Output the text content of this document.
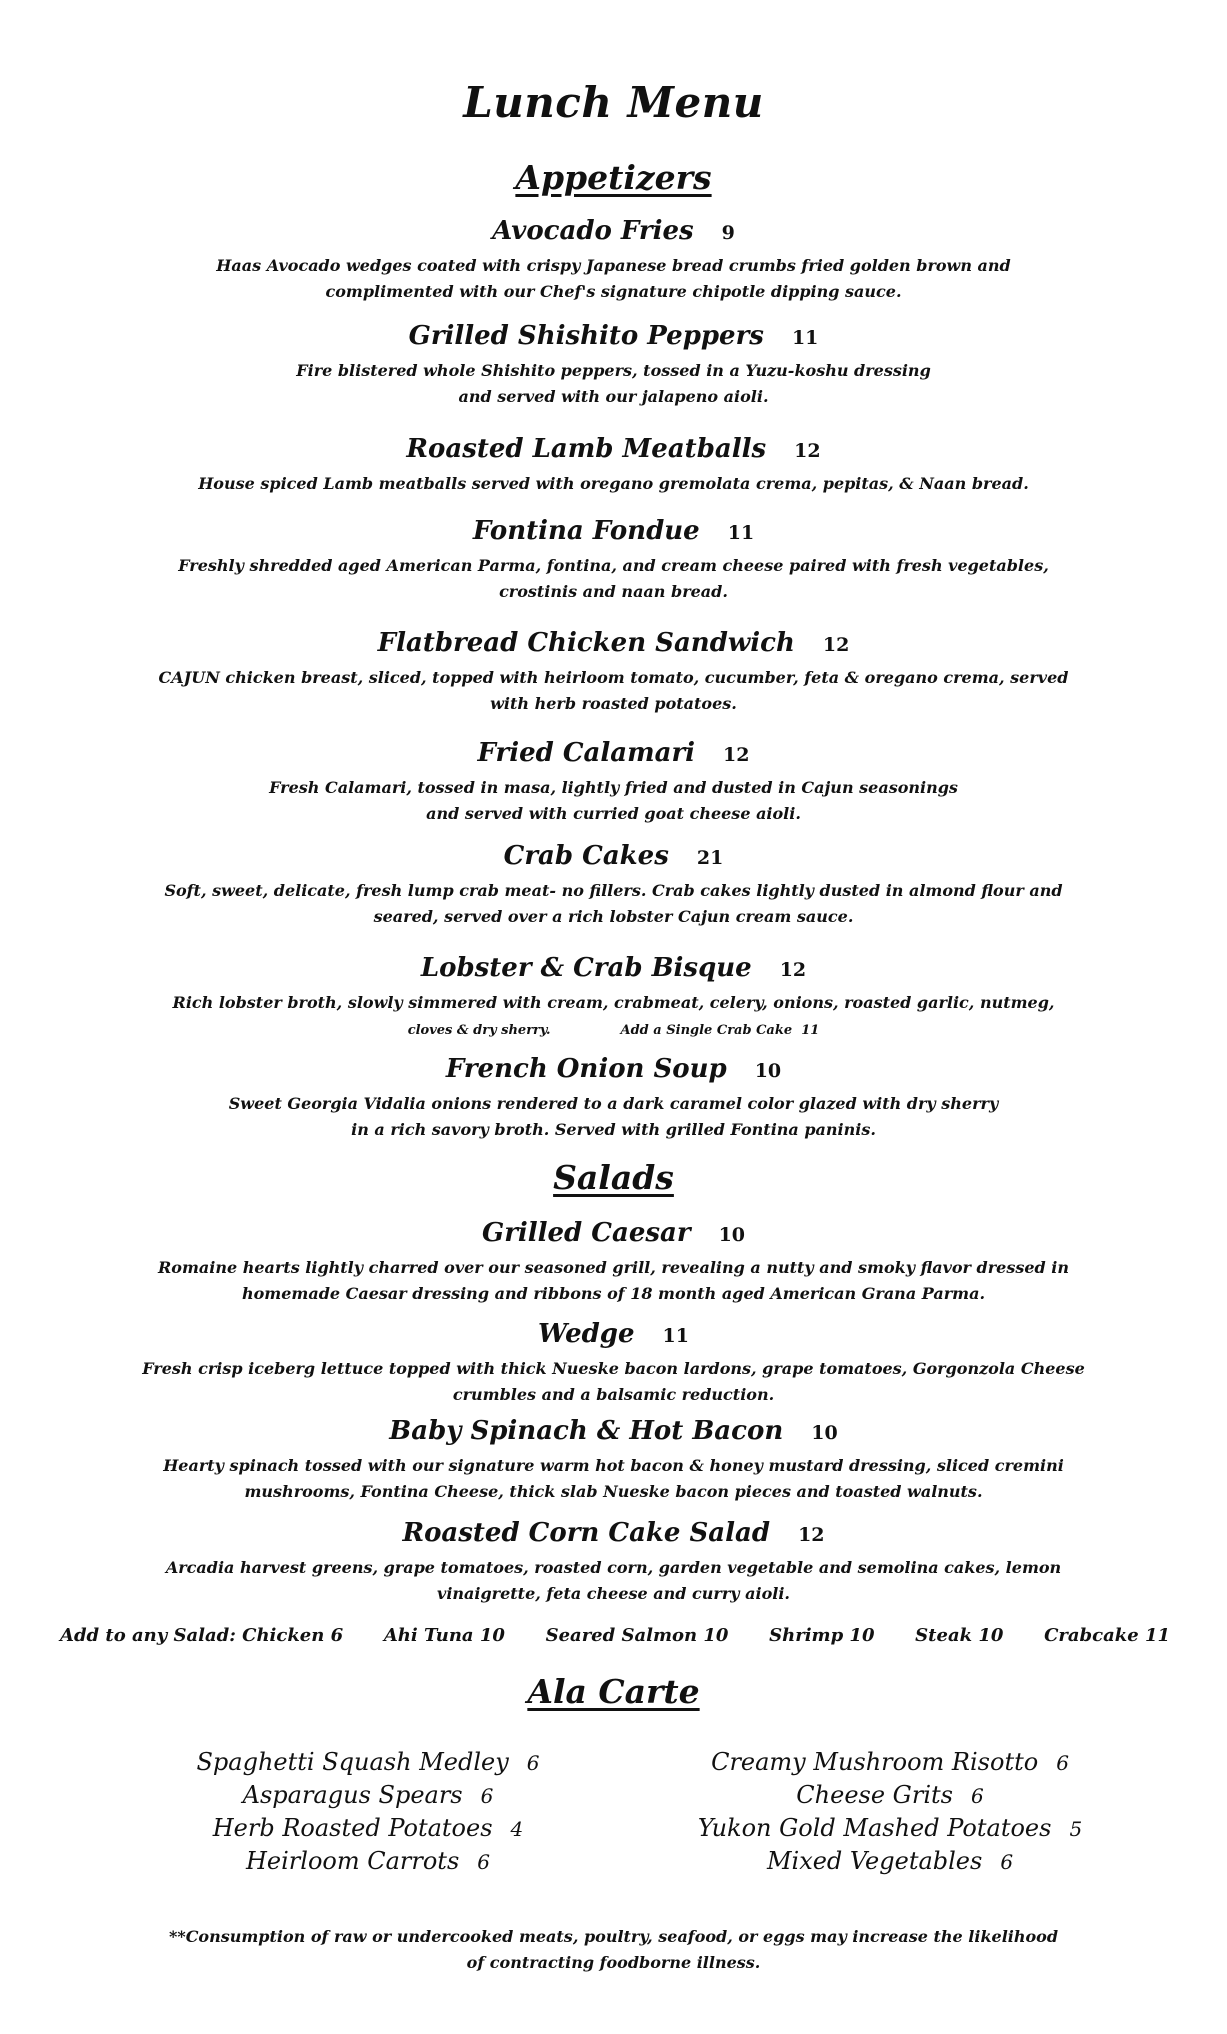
Lunch Menu
Appetizers
Avocado Fries 9
Haas Avocado wedges coated with crispy Japanese bread crumbs fried golden brown and
complimented with our Chef's signature chipotle dipping sauce.
Grilled Shishito Peppers 11
Fire blistered whole Shishito peppers, tossed in a Yuzu-koshu dressing
and served with our jalapeno aioli.
Roasted Lamb Meatballs 12
House spiced Lamb meatballs served with oregano gremolata crema, pepitas, & Naan bread.
Fontina Fondue 11
Freshly shredded aged American Parma, fontina, and cream cheese paired with fresh vegetables,
crostinis and naan bread.
Flatbread Chicken Sandwich 12
CAJUN chicken breast, sliced, topped with heirloom tomato, cucumber, feta & oregano crema, served
with herb roasted potatoes.
Fried Calamari 12
Fresh Calamari, tossed in masa, lightly fried and dusted in Cajun seasonings
and served with curried goat cheese aioli.
Crab Cakes 21
Soft, sweet, delicate, fresh lump crab meat- no fillers. Crab cakes lightly dusted in almond flour and
seared, served over a rich lobster Cajun cream sauce.
Lobster & Crab Bisque 12
Rich lobster broth, slowly simmered with cream, crabmeat, celery, onions, roasted garlic, nutmeg,
cloves & dry sherry.	Add a Single Crab Cake 11
French Onion Soup 10
Sweet Georgia Vidalia onions rendered to a dark caramel color glazed with dry sherry
in a rich savory broth. Served with grilled Fontina paninis.
Salads
Grilled Caesar 10
Romaine hearts lightly charred over our seasoned grill, revealing a nutty and smoky flavor dressed in
homemade Caesar dressing and ribbons of 18 month aged American Grana Parma.
Wedge 11
Fresh crisp iceberg lettuce topped with thick Nueske bacon lardons, grape tomatoes, Gorgonzola Cheese
crumbles and a balsamic reduction.
Baby Spinach & Hot Bacon 10
Hearty spinach tossed with our signature warm hot bacon & honey mustard dressing, sliced cremini
mushrooms, Fontina Cheese, thick slab Nueske bacon pieces and toasted walnuts.
Roasted Corn Cake Salad 12
Arcadia harvest greens, grape tomatoes, roasted corn, garden vegetable and semolina cakes, lemon
vinaigrette, feta cheese and curry aioli.
Add to any Salad: Chicken 6 Ahi Tuna 10 Seared Salmon 10 Shrimp 10 Steak 10 Crabcake 11
Ala Carte
Spaghetti Squash Medley 6
Asparagus Spears 6
Herb Roasted Potatoes 4
Heirloom Carrots 6
Creamy Mushroom Risotto 6
Cheese Grits 6
Yukon Gold Mashed Potatoes 5
Mixed Vegetables 6
**Consumption of raw or undercooked meats, poultry, seafood, or eggs may increase the likelihood
of contracting foodborne illness.
